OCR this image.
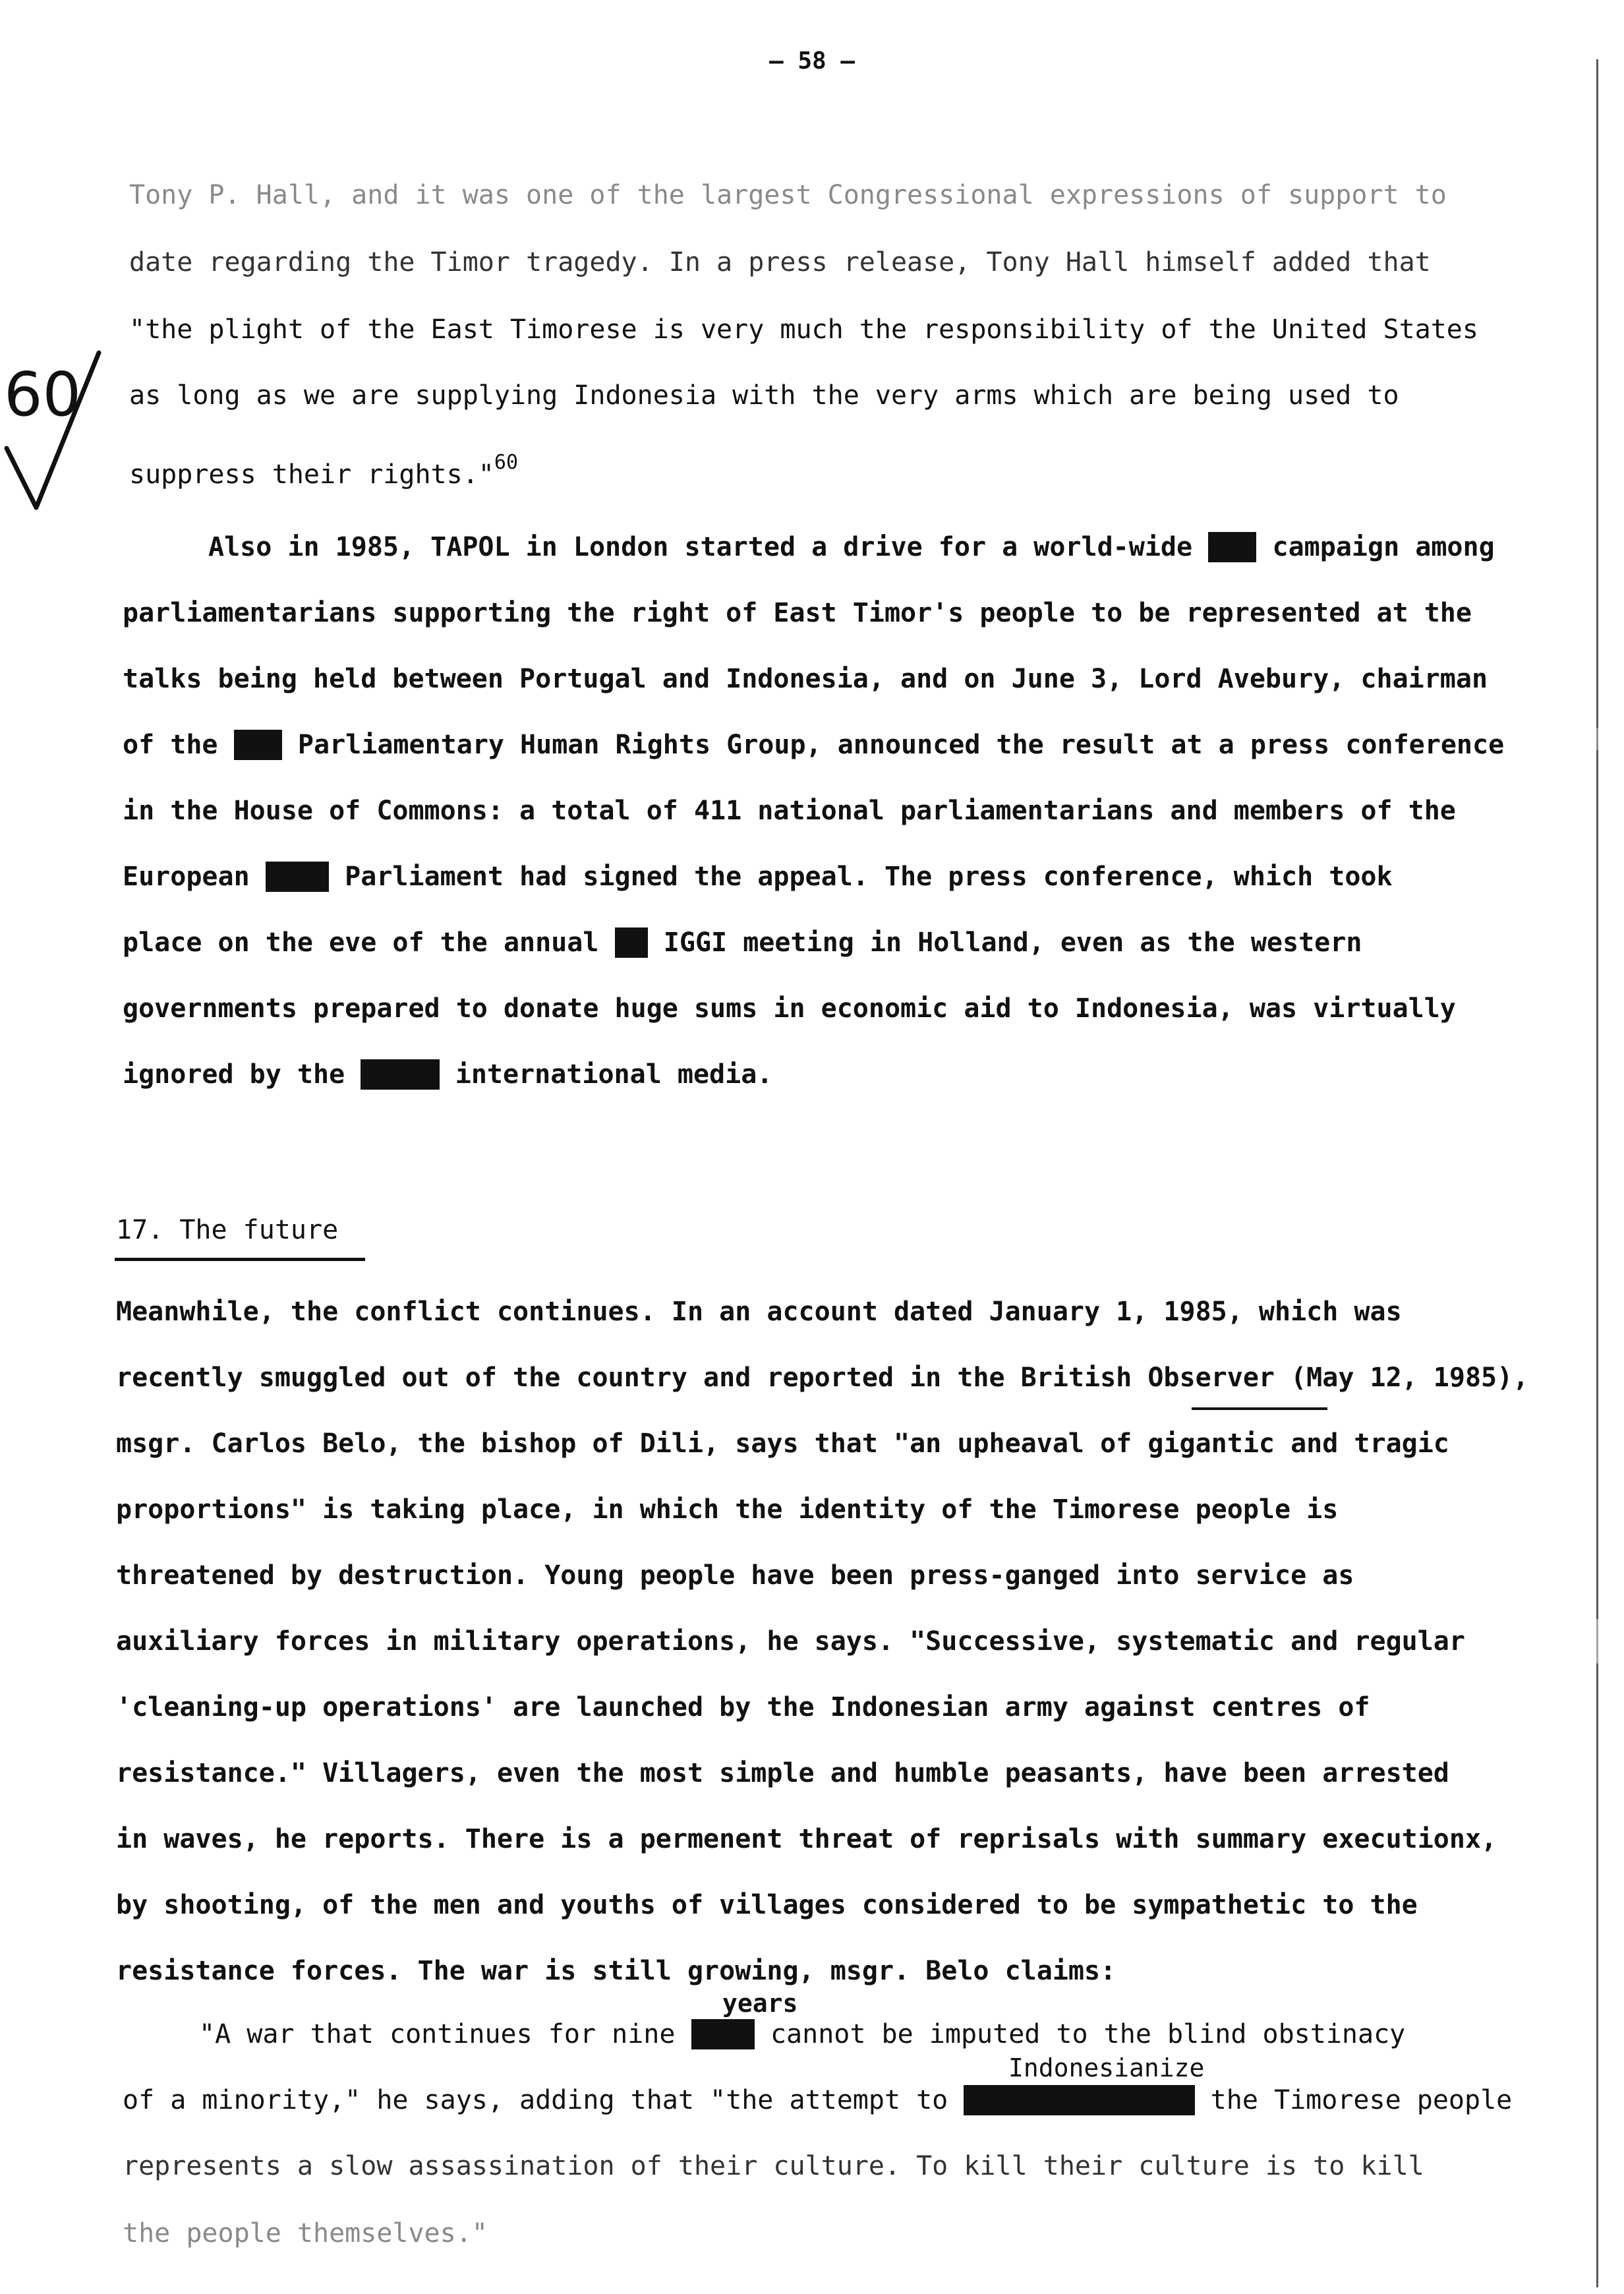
— 58 —
60
Tony P. Hall, and it was one of the largest Congressional expressions of support to
date regarding the Timor tragedy. In a press release, Tony Hall himself added that
"the plight of the East Timorese is very much the responsibility of the United States
as long as we are supplying Indonesia with the very arms which are being used to
suppress their rights."$^{60}$
Also in 1985, TAPOL in London started a drive for a world-wide mmm campaign among
parliamentarians supporting the right of East Timor's people to be represented at the
talks being held between Portugal and Indonesia, and on June 3, Lord Avebury, chairman
of the Bak Parliamentary Human Rights Group, announced the result at a press conference
in the House of Commons: a total of 411 national parliamentarians and members of the
European Baka Parliament had signed the appeal. The press conference, which took
place on the eve of the annual mm IGGI meeting in Holland, even as the western
governments prepared to donate huge sums in economic aid to Indonesia, was virtually
ignored by the mmdim international media.
17. The future
Meanwhile, the conflict continues. In an account dated January 1, 1985, which was
recently smuggled out of the country and reported in the British Observer (May 12, 1985),
msgr. Carlos Belo, the bishop of Dili, says that "an upheaval of gigantic and tragic
proportions" is taking place, in which the identity of the Timorese people is
threatened by destruction. Young people have been press-ganged into service as
auxiliary forces in military operations, he says. "Successive, systematic and regular
'cleaning-up operations' are launched by the Indonesian army against centres of
resistance." Villagers, even the most simple and humble peasants, have been arrested
in waves, he reports. There is a permenent threat of reprisals with summary executionx,
by shooting, of the men and youths of villages considered to be sympathetic to the
resistance forces. The war is still growing, msgr. Belo claims:
years
"A war that continues for nine mmmm cannot be imputed to the blind obstinacy
Indonesianize
of a minority," he says, adding that "the attempt to kndmmmmxkmmxkmm the Timorese people
represents a slow assassination of their culture. To kill their culture is to kill
the people themselves."
